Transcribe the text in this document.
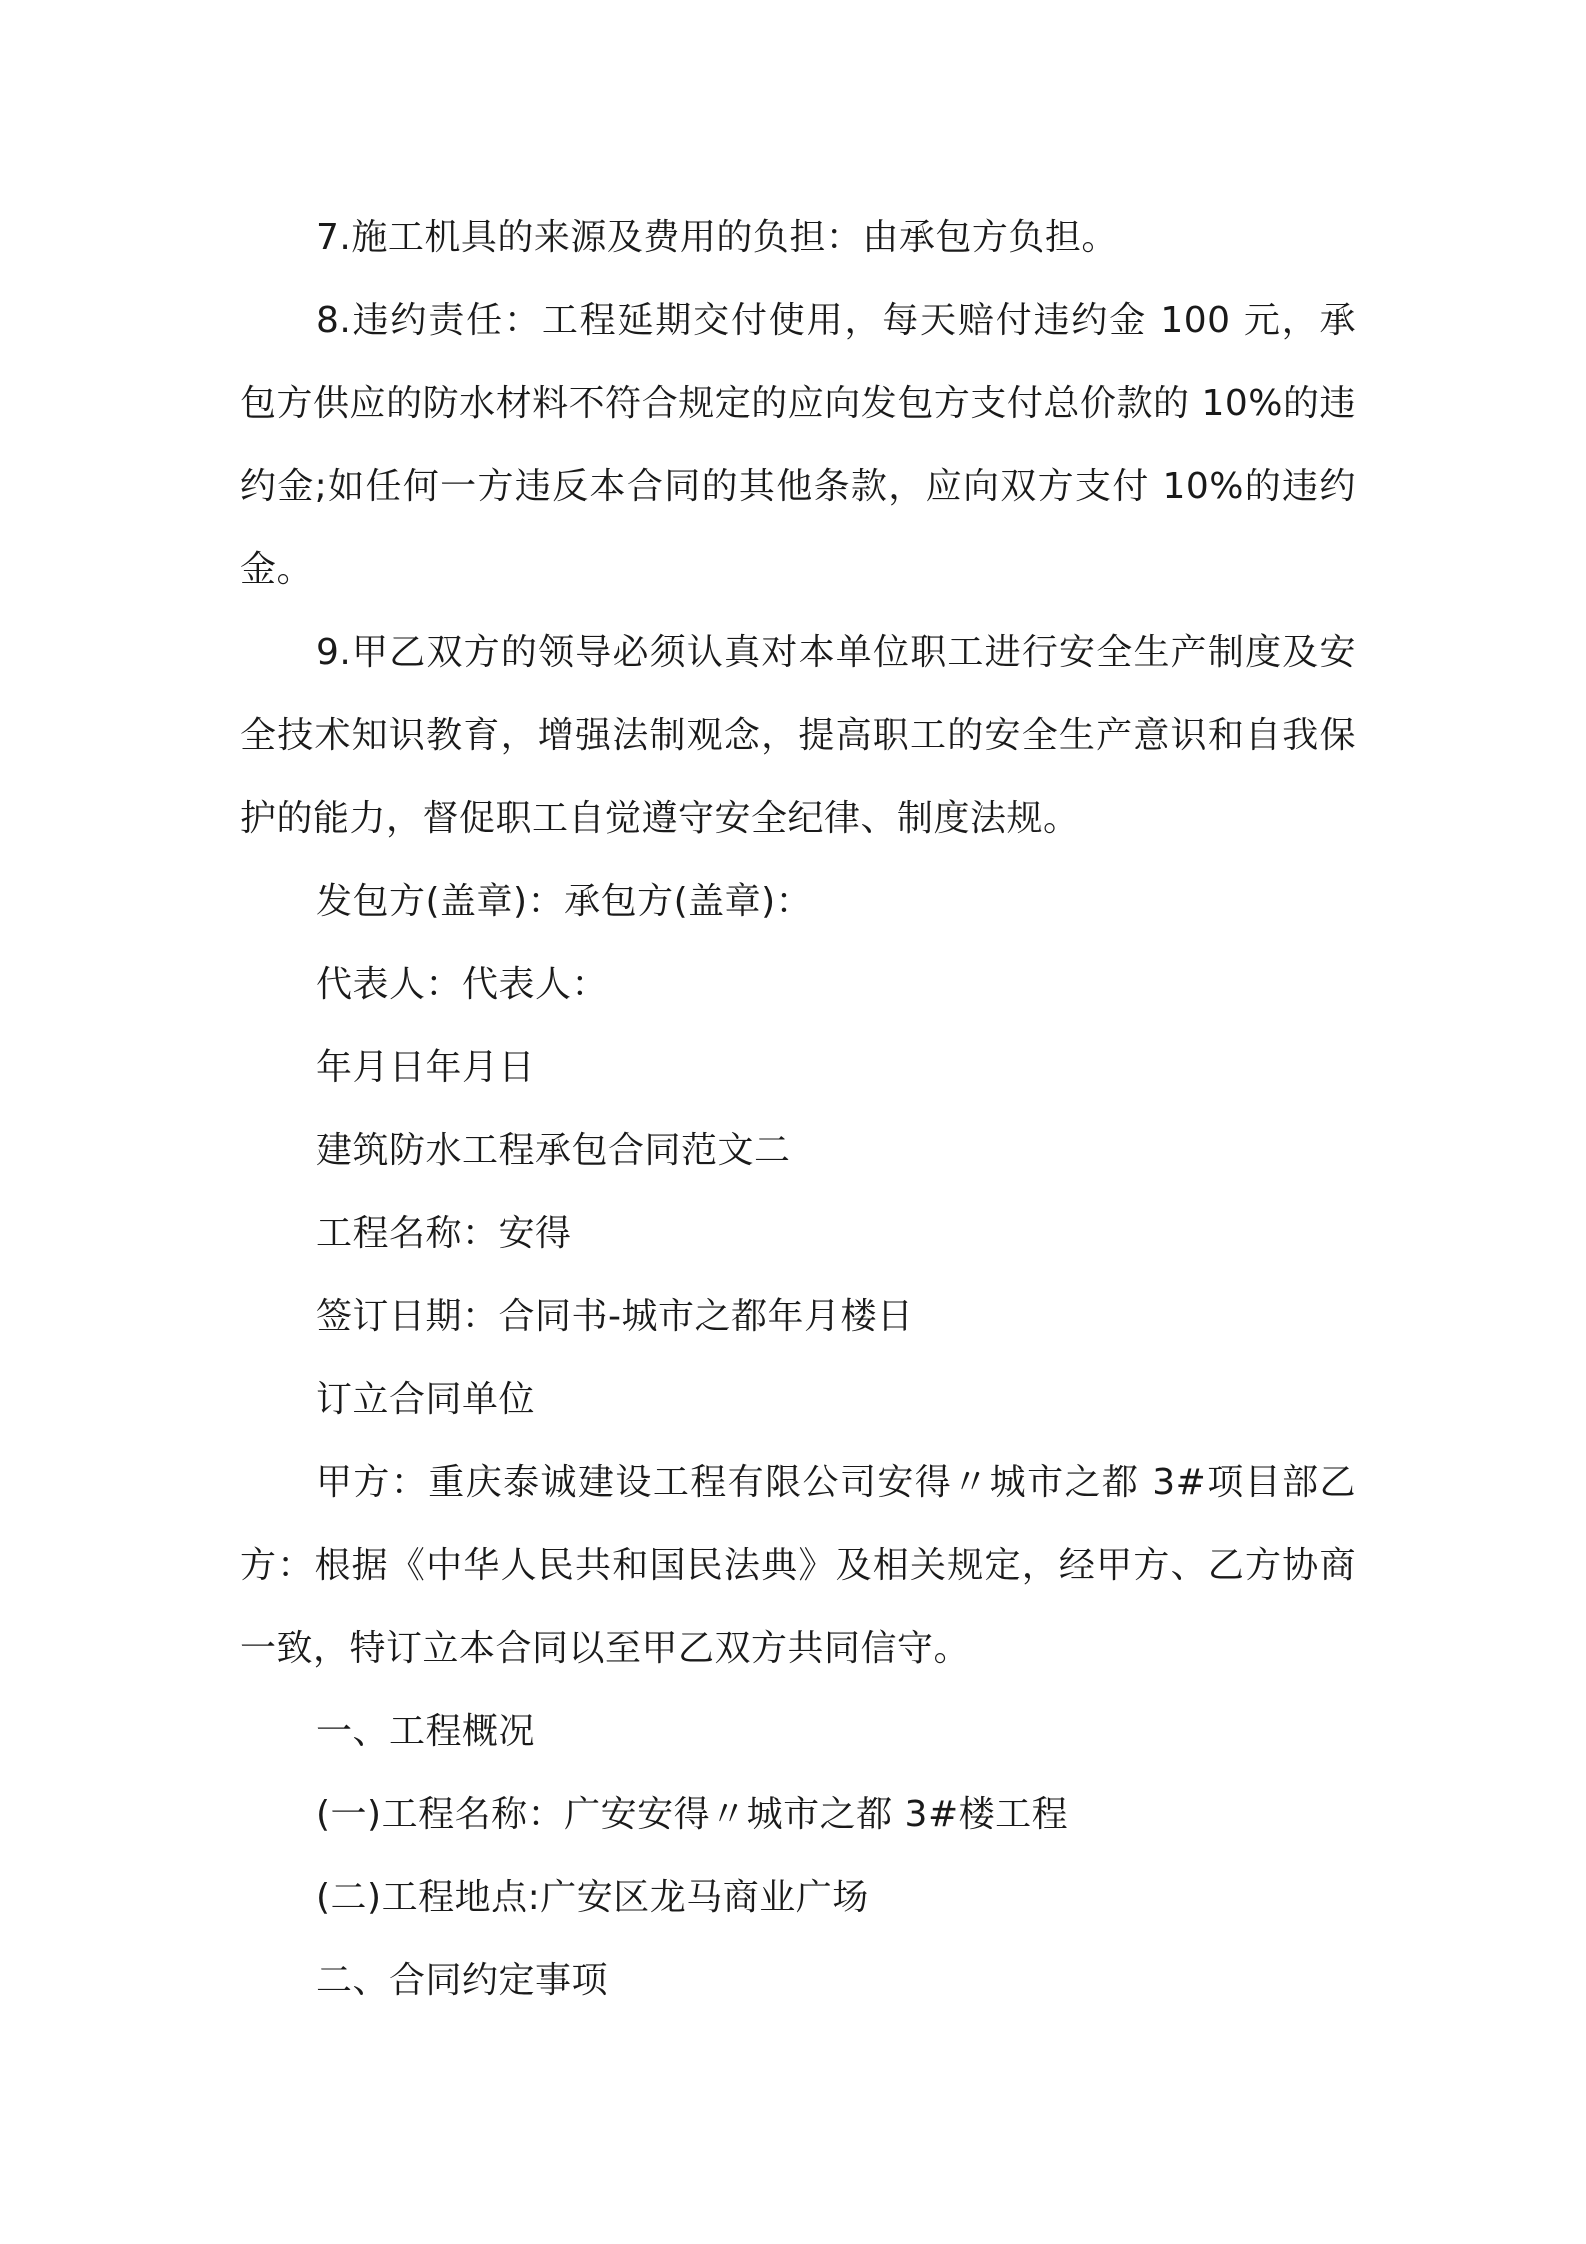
7.施工机具的来源及费用的负担：由承包方负担。

8.违约责任：工程延期交付使用，每天赔付违约金 100 元，承包方供应的防水材料不符合规定的应向发包方支付总价款的 10%的违约金;如任何一方违反本合同的其他条款，应向双方支付 10%的违约金。

9.甲乙双方的领导必须认真对本单位职工进行安全生产制度及安全技术知识教育，增强法制观念，提高职工的安全生产意识和自我保护的能力，督促职工自觉遵守安全纪律、制度法规。

发包方(盖章)：承包方(盖章)：

代表人：代表人：

年月日年月日

建筑防水工程承包合同范文二

工程名称：安得

签订日期：合同书-城市之都年月楼日

订立合同单位

甲方：重庆泰诚建设工程有限公司安得〃城市之都 3#项目部乙方：根据《中华人民共和国民法典》及相关规定，经甲方、乙方协商一致，特订立本合同以至甲乙双方共同信守。

一、工程概况

(一)工程名称：广安安得〃城市之都 3#楼工程

(二)工程地点:广安区龙马商业广场

二、合同约定事项
